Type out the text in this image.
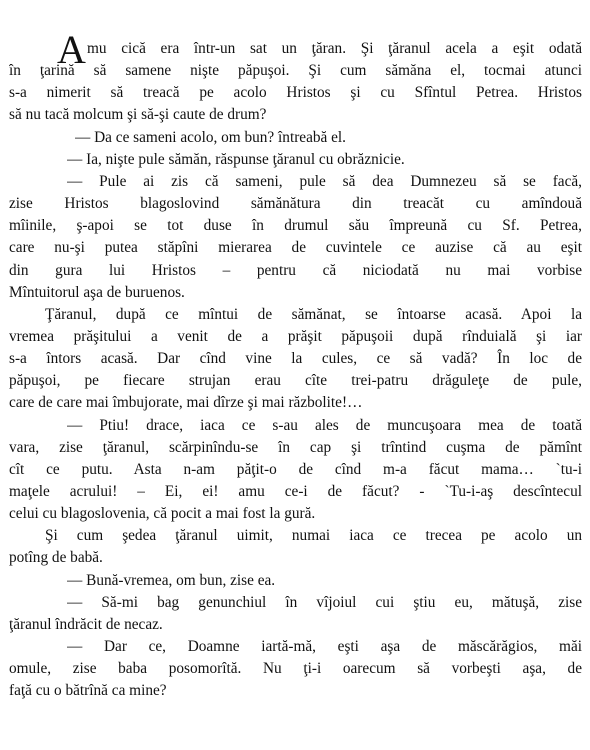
A mu cică era într-un sat un ţăran. Şi ţăranul acela a eşit odată
în ţarină să samene nişte păpuşoi. Şi cum sămăna el, tocmai atunci
s-a nimerit să treacă pe acolo Hristos şi cu Sfîntul Petrea. Hristos
să nu tacă molcum şi să-şi caute de drum?
— Da ce sameni acolo, om bun? întreabă el.
— Ia, nişte pule sămăn, răspunse ţăranul cu obrăznicie.
— Pule ai zis că sameni, pule să dea Dumnezeu să se facă,
zise Hristos blagoslovind sămănătura din treacăt cu amîndouă
mîinile, ş-apoi se tot duse în drumul său împreună cu Sf. Petrea,
care nu-şi putea stăpîni mierarea de cuvintele ce auzise că au eşit
din gura lui Hristos – pentru că niciodată nu mai vorbise
Mîntuitorul aşa de buruenos.
Ţăranul, după ce mîntui de sămănat, se întoarse acasă. Apoi la
vremea prăşitului a venit de a prăşit păpuşoii după rînduială şi iar
s-a întors acasă. Dar cînd vine la cules, ce să vadă? În loc de
păpuşoi, pe fiecare strujan erau cîte trei-patru drăguleţe de pule,
care de care mai îmbujorate, mai dîrze şi mai războlite!…
— Ptiu! drace, iaca ce s-au ales de muncuşoara mea de toată
vara, zise ţăranul, scărpinîndu-se în cap şi trîntind cuşma de pămînt
cît ce putu. Asta n-am păţit-o de cînd m-a făcut mama… `tu-i
maţele acrului! – Ei, ei! amu ce-i de făcut? - `Tu-i-aş descîntecul
celui cu blagoslovenia, că pocit a mai fost la gură.
Şi cum şedea ţăranul uimit, numai iaca ce trecea pe acolo un
potîng de babă.
— Bună-vremea, om bun, zise ea.
— Să-mi bag genunchiul în vîjoiul cui ştiu eu, mătuşă, zise
ţăranul îndrăcit de necaz.
— Dar ce, Doamne iartă-mă, eşti aşa de măscărăgios, măi
omule, zise baba posomorîtă. Nu ţi-i oarecum să vorbeşti aşa, de
faţă cu o bătrînă ca mine?
